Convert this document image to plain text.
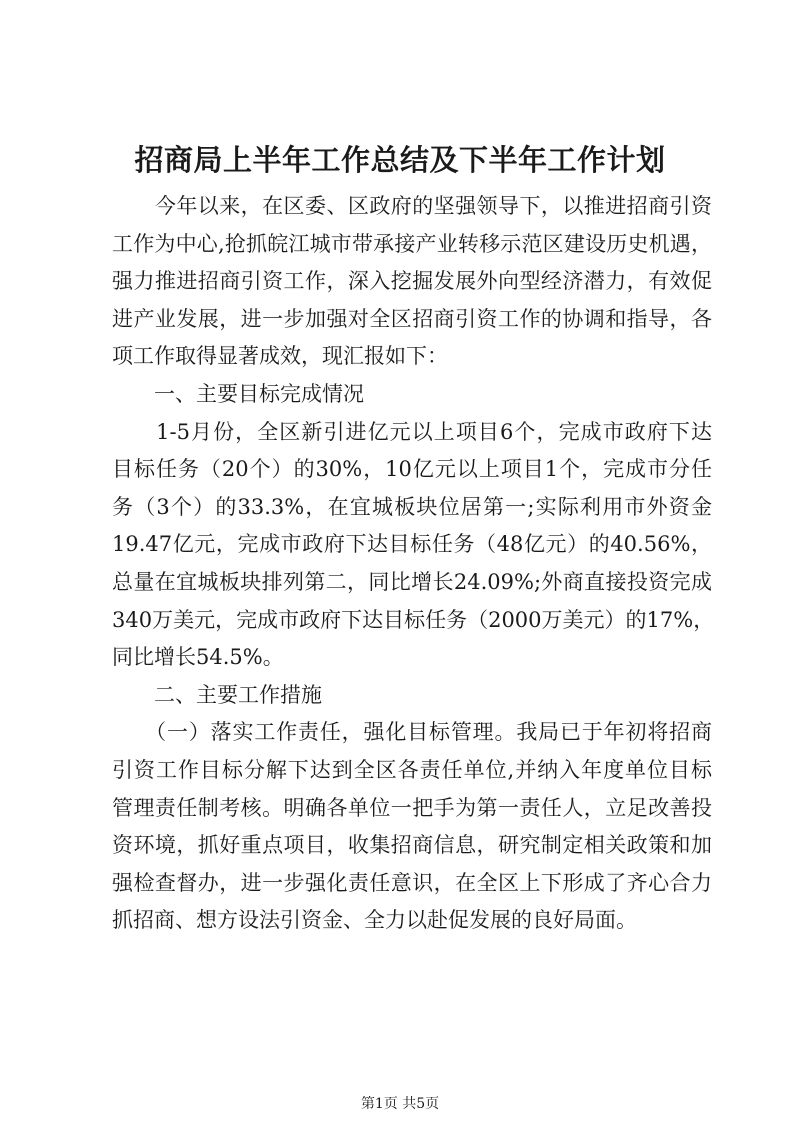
招商局上半年工作总结及下半年工作计划
　　今年以来，在区委、区政府的坚强领导下，以推进招商引资
工作为中心,抢抓皖江城市带承接产业转移示范区建设历史机遇，
强力推进招商引资工作，深入挖掘发展外向型经济潜力，有效促
进产业发展，进一步加强对全区招商引资工作的协调和指导，各
项工作取得显著成效，现汇报如下：
　　一、主要目标完成情况
　　1-5月份，全区新引进亿元以上项目6个，完成市政府下达
目标任务（20个）的30%，10亿元以上项目1个，完成市分任
务（3个）的33.3%，在宜城板块位居第一;实际利用市外资金
19.47亿元，完成市政府下达目标任务（48亿元）的40.56%，
总量在宜城板块排列第二，同比增长24.09%;外商直接投资完成
340万美元，完成市政府下达目标任务（2000万美元）的17%，
同比增长54.5%。
　　二、主要工作措施
　　（一）落实工作责任，强化目标管理。我局已于年初将招商
引资工作目标分解下达到全区各责任单位,并纳入年度单位目标
管理责任制考核。明确各单位一把手为第一责任人，立足改善投
资环境，抓好重点项目，收集招商信息，研究制定相关政策和加
强检查督办，进一步强化责任意识，在全区上下形成了齐心合力
抓招商、想方设法引资金、全力以赴促发展的良好局面。
第1页 共5页
